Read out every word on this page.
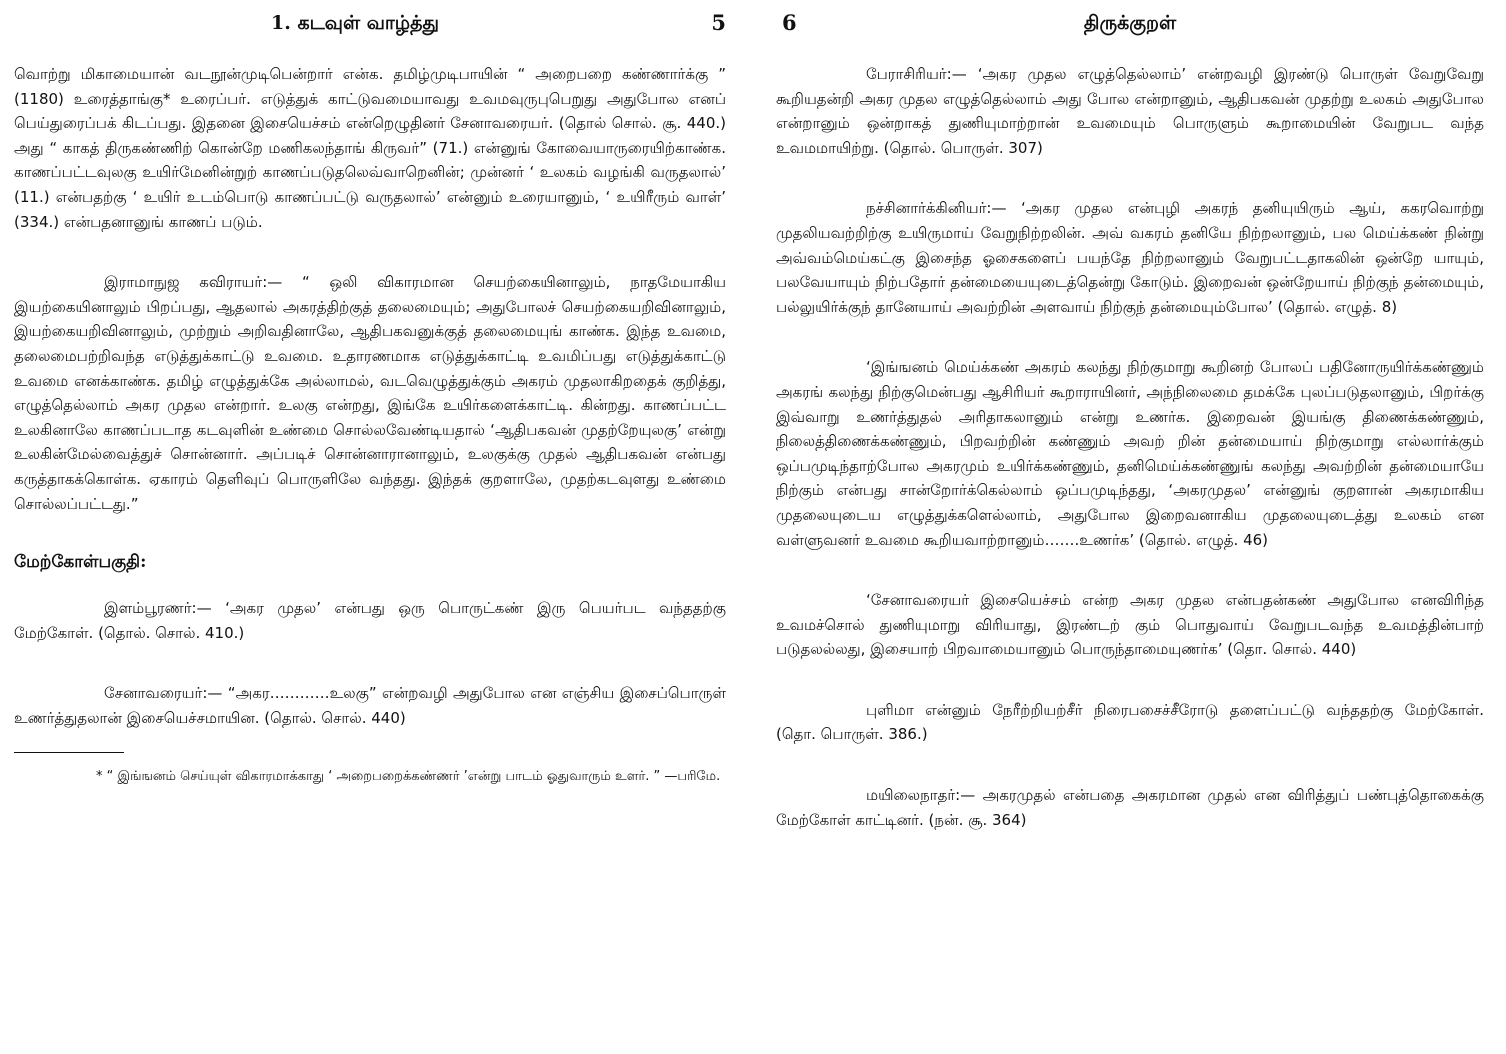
1. கடவுள் வாழ்த்து	5

வொற்று மிகாமையான் வடநூன்முடிபென்றார் என்க. தமிழ்முடிபாயின் “ அறைபறை கண்ணார்க்கு ” (1180) உரைத்தாங்கு* உரைப்பர். எடுத்துக் காட்டுவமையாவது உவமவுருபுபெறுது அதுபோல எனப் பெய்துரைப்பக் கிடப்பது. இதனை இசையெச்சம் என்றெழுதினர் சேனாவரையர். (தொல் சொல். சூ. 440.) அது “ காகத் திருகண்ணிற் கொன்றே மணிகலந்தாங் கிருவர்” (71.) என்னுங் கோவையாருரையிற்காண்க. காணப்பட்டவுலகு உயிர்மேனின்றுற் காணப்படுதலெவ்வாறெனின்; முன்னர் ‘ உலகம் வழங்கி வருதலால்’ (11.) என்பதற்கு ‘ உயிர் உடம்பொடு காணப்பட்டு வருதலால்’ என்னும் உரையானும், ‘ உயிரீரும் வாள்’ (334.) என்பதனானுங் காணப் படும்.

இராமாநுஜ கவிராயர்:— “ ஒலி விகாரமான செயற்கையினாலும், நாதமேயாகிய இயற்கையினாலும் பிறப்பது, ஆதலால் அகரத்திற்குத் தலைமையும்; அதுபோலச் செயற்கையறிவினாலும், இயற்கையறிவினாலும், முற்றும் அறிவதினாலே, ஆதிபகவனுக்குத் தலைமையுங் காண்க. இந்த உவமை, தலைமைபற்றிவந்த எடுத்துக்காட்டு உவமை. உதாரணமாக எடுத்துக்காட்டி உவமிப்பது எடுத்துக்காட்டு உவமை எனக்காண்க. தமிழ் எழுத்துக்கே அல்லாமல், வடவெழுத்துக்கும் அகரம் முதலாகிறதைக் குறித்து, எழுத்தெல்லாம் அகர முதல என்றார். உலகு என்றது, இங்கே உயிர்களைக்காட்டி. கின்றது. காணப்பட்ட உலகினாலே காணப்படாத கடவுளின் உண்மை சொல்லவேண்டியதால் ‘ஆதிபகவன் முதற்றேயுலகு’ என்று உலகின்மேல்வைத்துச் சொன்னார். அப்படிச் சொன்னாரானாலும், உலகுக்கு முதல் ஆதிபகவன் என்பது கருத்தாகக்கொள்க. ஏகாரம் தெளிவுப் பொருளிலே வந்தது. இந்தக் குறளாலே, முதற்கடவுளது உண்மை சொல்லப்பட்டது.”

மேற்கோள்பகுதி:

இளம்பூரணர்:— ‘அகர முதல’ என்பது ஒரு பொருட்கண் இரு பெயர்பட வந்ததற்கு மேற்கோள். (தொல். சொல். 410.)

சேனாவரையர்:— “அகர…………உலகு” என்றவழி அதுபோல என எஞ்சிய இசைப்பொருள் உணர்த்துதலான் இசையெச்சமாயின. (தொல். சொல். 440)

* “ இங்ஙனம் செய்யுள் விகாரமாக்காது ‘ அறைபறைக்கண்ணர் ’என்று பாடம் ஓதுவாரும் உளர். ” —பரிமே.

6	திருக்குறள்

பேராசிரியர்:— ‘அகர முதல எழுத்தெல்லாம்’ என்றவழி இரண்டு பொருள் வேறுவேறு கூறியதன்றி அகர முதல எழுத்தெல்லாம் அது போல என்றானும், ஆதிபகவன் முதற்று உலகம் அதுபோல என்றானும் ஒன்றாகத் துணியுமாற்றான் உவமையும் பொருளும் கூறாமையின் வேறுபட வந்த உவமமாயிற்று. (தொல். பொருள். 307)

நச்சினார்க்கினியர்:— ‘அகர முதல என்புழி அகரந் தனியுயிரும் ஆய், ககரவொற்று முதலியவற்றிற்கு உயிருமாய் வேறுநிற்றலின். அவ் வகரம் தனியே நிற்றலானும், பல மெய்க்கண் நின்று அவ்வம்மெய்கட்கு இசைந்த ஓசைகளைப் பயந்தே நிற்றலானும் வேறுபட்டதாகலின் ஒன்றே யாயும், பலவேயாயும் நிற்பதோர் தன்மையையுடைத்தென்று கோடும். இறைவன் ஒன்றேயாய் நிற்குந் தன்மையும், பல்லுயிர்க்குந் தானேயாய் அவற்றின் அளவாய் நிற்குந் தன்மையும்போல’ (தொல். எழுத். 8)

‘இங்ஙனம் மெய்க்கண் அகரம் கலந்து நிற்குமாறு கூறினற் போலப் பதினோருயிர்க்கண்ணும் அகரங் கலந்து நிற்குமென்பது ஆசிரியர் கூறாராயினர், அந்நிலைமை தமக்கே புலப்படுதலானும், பிறர்க்கு இவ்வாறு உணர்த்துதல் அரிதாகலானும் என்று உணர்க. இறைவன் இயங்கு திணைக்கண்ணும், நிலைத்திணைக்கண்ணும், பிறவற்றின் கண்ணும் அவற் றின் தன்மையாய் நிற்குமாறு எல்லார்க்கும் ஒப்பமுடிந்தாற்போல அகரமும் உயிர்க்கண்ணும், தனிமெய்க்கண்ணுங் கலந்து அவற்றின் தன்மையாயே நிற்கும் என்பது சான்றோர்க்கெல்லாம் ஒப்பமுடிந்தது, ‘அகரமுதல’ என்னுங் குறளான் அகரமாகிய முதலையுடைய எழுத்துக்களெல்லாம், அதுபோல இறைவனாகிய முதலையுடைத்து உலகம் என வள்ளுவனர் உவமை கூறியவாற்றானும்…….உணர்க’ (தொல். எழுத். 46)

‘சேனாவரையர் இசையெச்சம் என்ற அகர முதல என்பதன்கண் அதுபோல எனவிரிந்த உவமச்சொல் துணியுமாறு விரியாது, இரண்டற் கும் பொதுவாய் வேறுபடவந்த உவமத்தின்பாற் படுதலல்லது, இசையாற் பிறவாமையானும் பொருந்தாமையுணர்க’ (தொ. சொல். 440)

புளிமா என்னும் நேரீற்றியற்சீர் நிரைபசைச்சீரோடு தளைப்பட்டு வந்ததற்கு மேற்கோள். (தொ. பொருள். 386.)

மயிலைநாதர்:— அகரமுதல் என்பதை அகரமான முதல் என விரித்துப் பண்புத்தொகைக்கு மேற்கோள் காட்டினர். (நன். சூ. 364)
